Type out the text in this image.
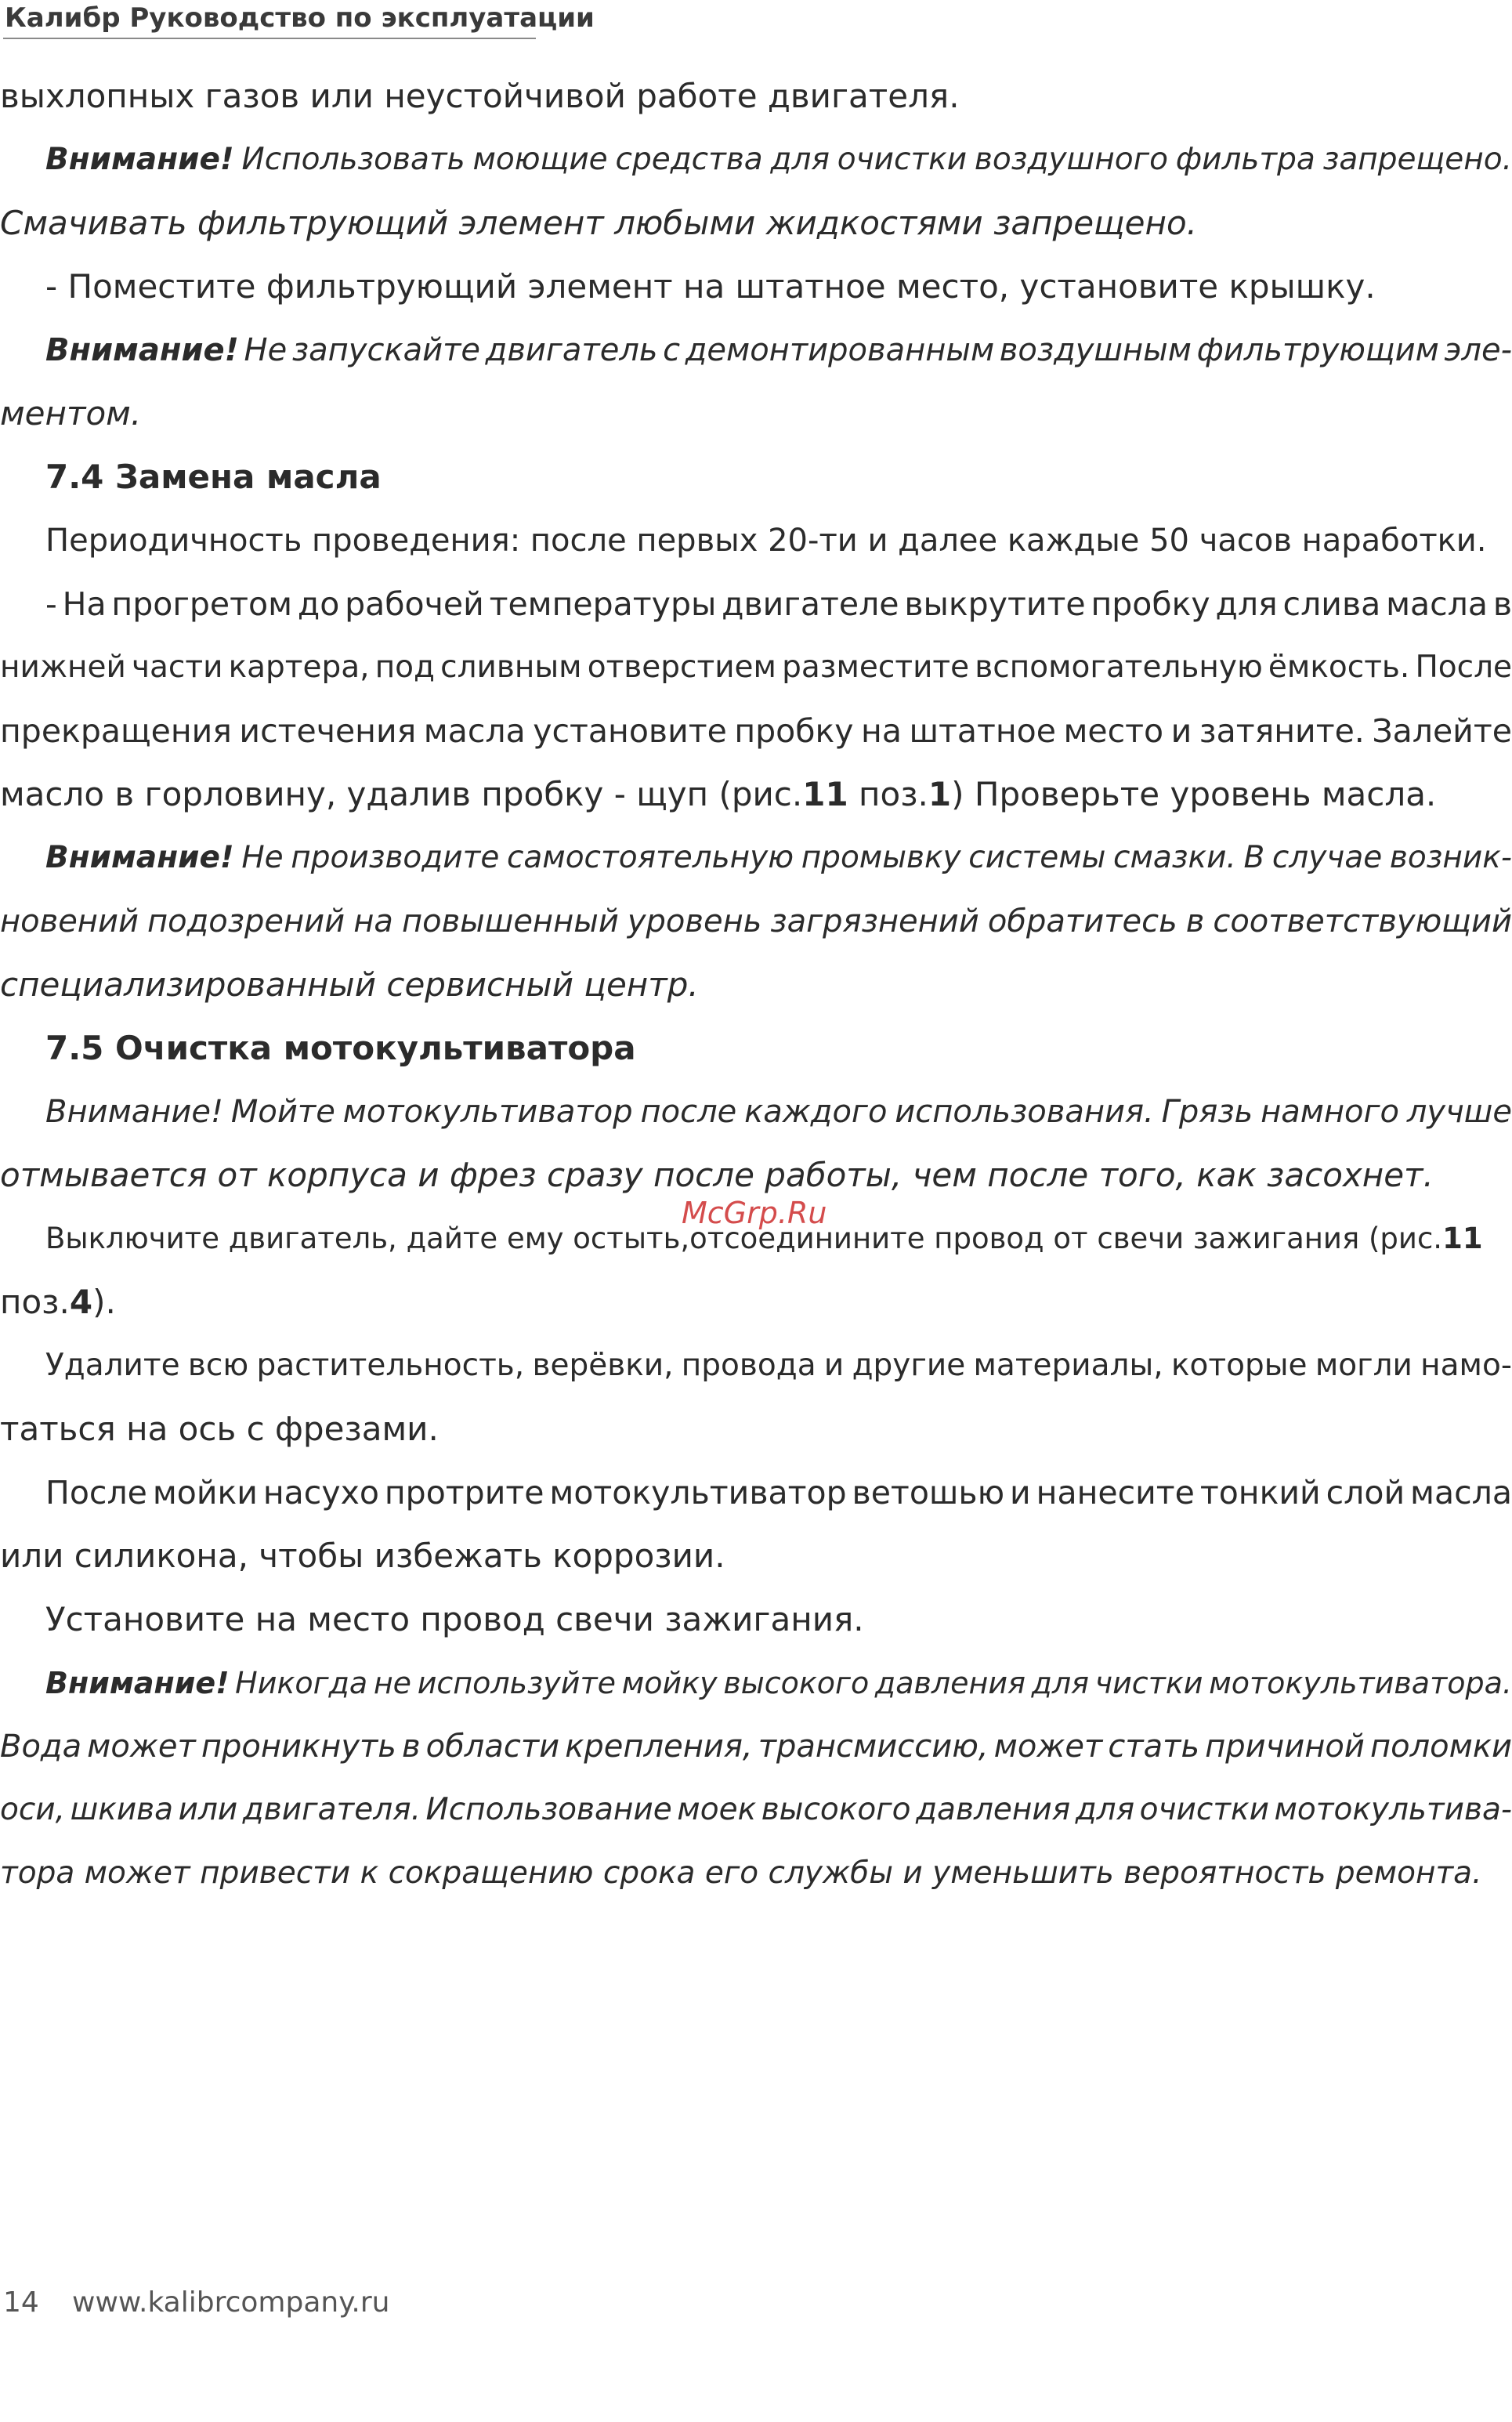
Калибр Руководство по эксплуатации
выхлопных газов или неустойчивой работе двигателя.
Внимание! Использовать моющие средства для очистки воздушного фильтра запрещено.
Смачивать фильтрующий элемент любыми жидкостями запрещено.
- Поместите фильтрующий элемент на штатное место, установите крышку.
Внимание! Не запускайте двигатель с демонтированным воздушным фильтрующим эле-
ментом.
7.4 Замена масла
Периодичность проведения: после первых 20-ти и далее каждые 50 часов наработки.
- На прогретом до рабочей температуры двигателе выкрутите пробку для слива масла в
нижней части картера, под сливным отверстием разместите вспомогательную ёмкость. После
прекращения истечения масла установите пробку на штатное место и затяните. Залейте
масло в горловину, удалив пробку - щуп (рис.11 поз.1) Проверьте уровень масла.
Внимание! Не производите самостоятельную промывку системы смазки. В случае возник-
новений подозрений на повышенный уровень загрязнений обратитесь в соответствующий
специализированный сервисный центр.
7.5 Очистка мотокультиватора
Внимание! Мойте мотокультиватор после каждого использования. Грязь намного лучше
отмывается от корпуса и фрез сразу после работы, чем после того, как засохнет.
Выключите двигатель, дайте ему остыть,отсоединините провод от свечи зажигания (рис.11
поз.4).
Удалите всю растительность, верёвки, провода и другие материалы, которые могли намо-
таться на ось с фрезами.
После мойки насухо протрите мотокультиватор ветошью и нанесите тонкий слой масла
или силикона, чтобы избежать коррозии.
Установите на место провод свечи зажигания.
Внимание! Никогда не используйте мойку высокого давления для чистки мотокультиватора.
Вода может проникнуть в области крепления, трансмиссию, может стать причиной поломки
оси, шкива или двигателя. Использование моек высокого давления для очистки мотокультива-
тора может привести к сокращению срока его службы и уменьшить вероятность ремонта.
McGrp.Ru
14 www.kalibrcompany.ru
